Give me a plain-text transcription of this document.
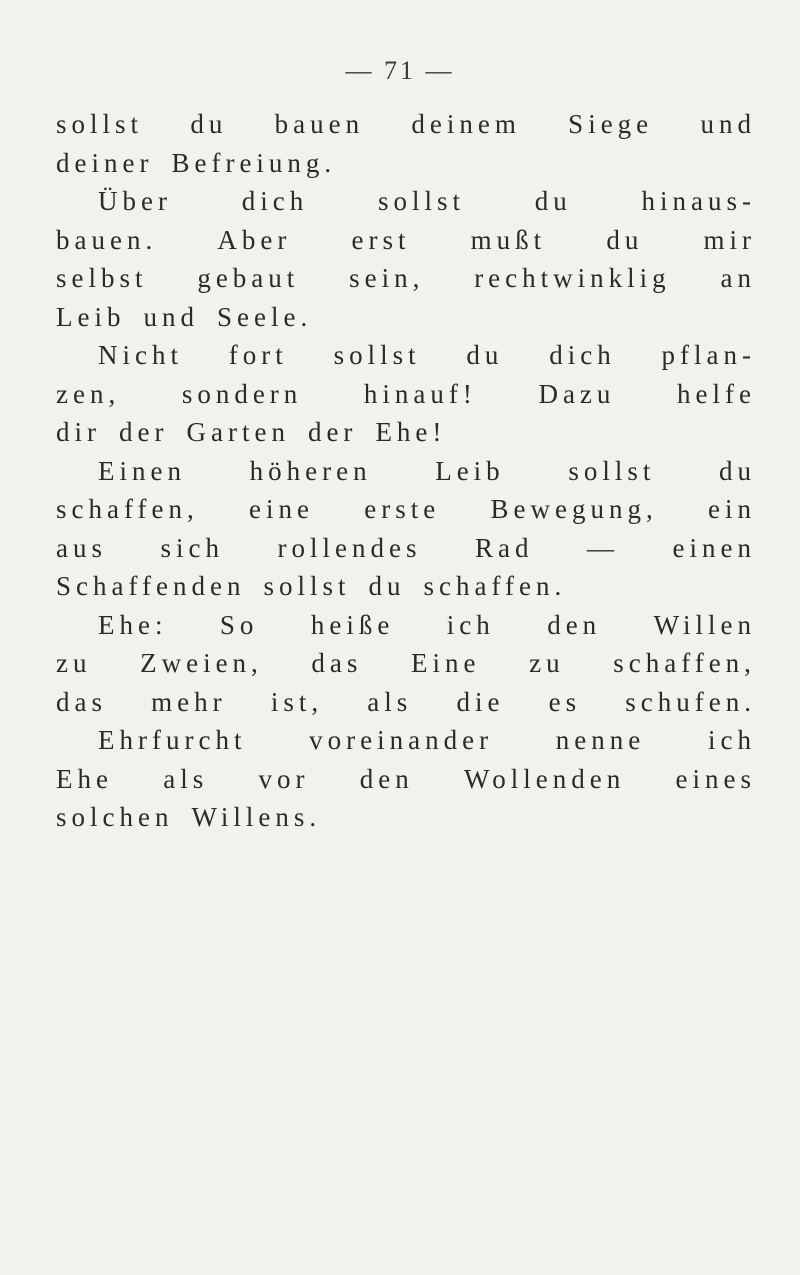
— 71 —
sollst du bauen deinem Siege und
deiner Befreiung.
Über	dich	sollst	du	hinaus-
bauen. Aber erst mußt du mir
selbst gebaut sein, rechtwinklig an
Leib und Seele.
Nicht fort sollst du dich pflan-
zen, sondern hinauf! Dazu helfe
dir der Garten der Ehe!
Einen höheren Leib sollst du
schaffen, eine erste Bewegung, ein
aus sich rollendes Rad — einen
Schaffenden sollst du schaffen.
Ehe: So heiße ich den Willen
zu Zweien, das Eine zu schaffen,
das mehr ist, als die es schufen.
Ehrfurcht voreinander nenne ich
Ehe als vor den Wollenden eines
solchen Willens.
